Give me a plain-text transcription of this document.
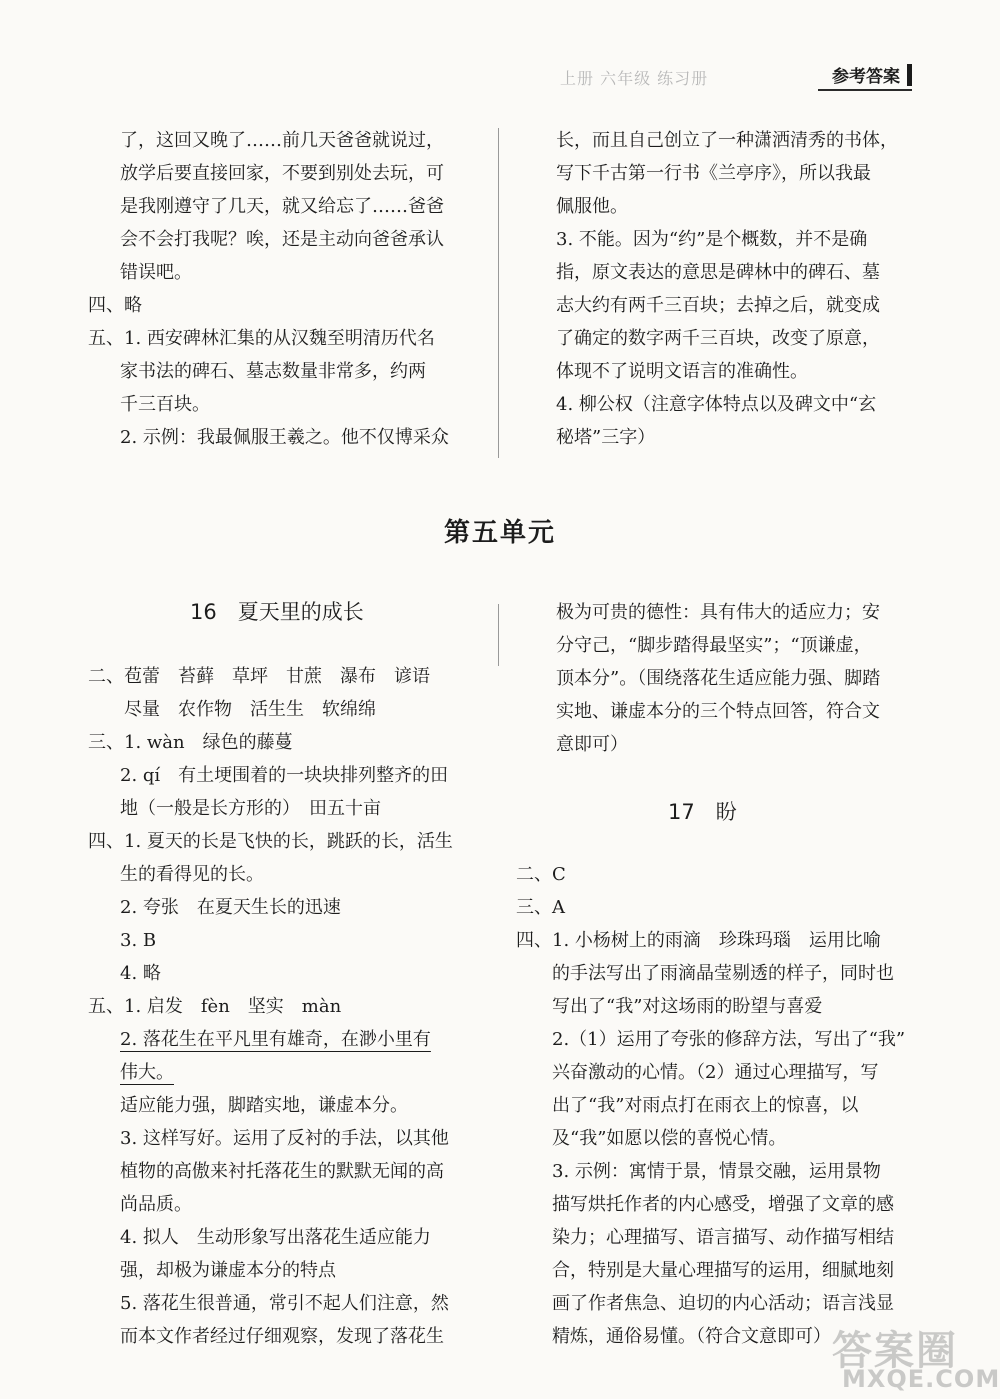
上册 六年级 练习册	参考答案

了，这回又晚了……前几天爸爸就说过，

放学后要直接回家，不要到别处去玩，可

是我刚遵守了几天，就又给忘了……爸爸

会不会打我呢？唉，还是主动向爸爸承认

错误吧。

四、略

五、1. 西安碑林汇集的从汉魏至明清历代名

家书法的碑石、墓志数量非常多，约两

千三百块。

2. 示例：我最佩服王羲之。他不仅博采众

长，而且自己创立了一种潇洒清秀的书体，

写下千古第一行书《兰亭序》，所以我最

佩服他。

3. 不能。因为“约”是个概数，并不是确

指，原文表达的意思是碑林中的碑石、墓

志大约有两千三百块；去掉之后，就变成

了确定的数字两千三百块，改变了原意，

体现不了说明文语言的准确性。

4. 柳公权（注意字体特点以及碑文中“玄

秘塔”三字）

第五单元
16　夏天里的成长

二、苞蕾　苔藓　草坪　甘蔗　瀑布　谚语

尽量　农作物　活生生　软绵绵

三、1. wàn　绿色的藤蔓

2. qí　有土埂围着的一块块排列整齐的田

地（一般是长方形的）　田五十亩

四、1. 夏天的长是飞快的长，跳跃的长，活生

生的看得见的长。

2. 夸张　在夏天生长的迅速

3. B

4. 略

五、1. 启发　fèn　坚实　màn

2. 落花生在平凡里有雄奇，在渺小里有

伟大。

适应能力强，脚踏实地，谦虚本分。

3. 这样写好。运用了反衬的手法，以其他

植物的高傲来衬托落花生的默默无闻的高

尚品质。

4. 拟人　生动形象写出落花生适应能力

强，却极为谦虚本分的特点

5. 落花生很普通，常引不起人们注意，然

而本文作者经过仔细观察，发现了落花生

极为可贵的德性：具有伟大的适应力；安

分守己，“脚步踏得最坚实”；“顶谦虚，

顶本分”。（围绕落花生适应能力强、脚踏

实地、谦虚本分的三个特点回答，符合文

意即可）

17　盼

二、C

三、A

四、1. 小杨树上的雨滴　珍珠玛瑙　运用比喻

的手法写出了雨滴晶莹剔透的样子，同时也

写出了“我”对这场雨的盼望与喜爱

2.（1）运用了夸张的修辞方法，写出了“我”

兴奋激动的心情。（2）通过心理描写，写

出了“我”对雨点打在雨衣上的惊喜，以

及“我”如愿以偿的喜悦心情。

3. 示例：寓情于景，情景交融，运用景物

描写烘托作者的内心感受，增强了文章的感

染力；心理描写、语言描写、动作描写相结

合，特别是大量心理描写的运用，细腻地刻

画了作者焦急、迫切的内心活动；语言浅显

精炼，通俗易懂。（符合文意即可） 答案圈
MXQE.COM
